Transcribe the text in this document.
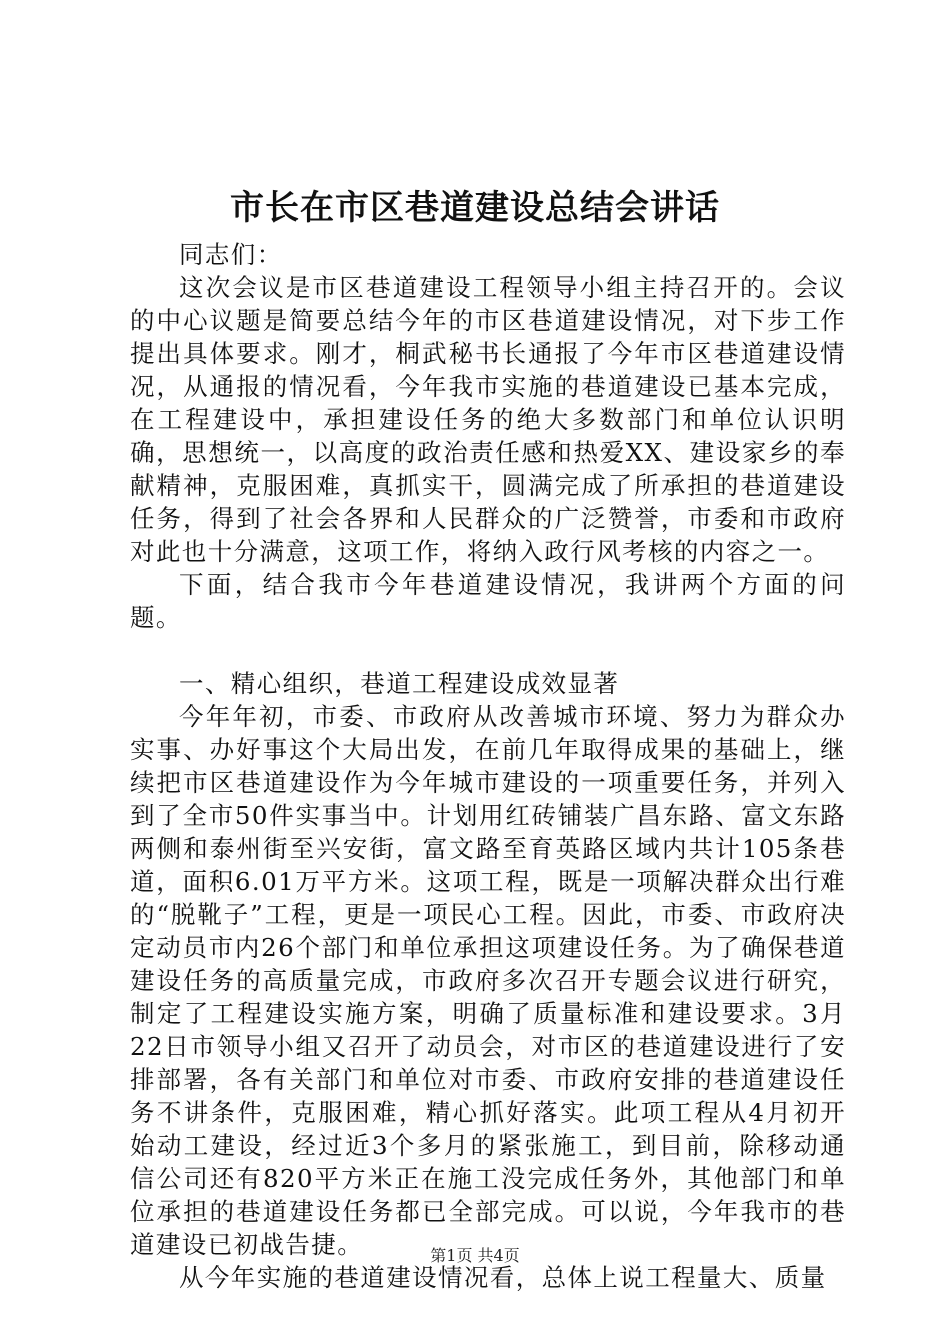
市长在市区巷道建设总结会讲话

同志们：

这次会议是市区巷道建设工程领导小组主持召开的。会议的中心议题是简要总结今年的市区巷道建设情况，对下步工作提出具体要求。刚才，桐武秘书长通报了今年市区巷道建设情况，从通报的情况看，今年我市实施的巷道建设已基本完成，在工程建设中，承担建设任务的绝大多数部门和单位认识明确，思想统一，以高度的政治责任感和热爱XX、建设家乡的奉献精神，克服困难，真抓实干，圆满完成了所承担的巷道建设任务，得到了社会各界和人民群众的广泛赞誉，市委和市政府对此也十分满意，这项工作，将纳入政行风考核的内容之一。

下面，结合我市今年巷道建设情况，我讲两个方面的问题。

一、精心组织，巷道工程建设成效显著

今年年初，市委、市政府从改善城市环境、努力为群众办实事、办好事这个大局出发，在前几年取得成果的基础上，继续把市区巷道建设作为今年城市建设的一项重要任务，并列入到了全市50件实事当中。计划用红砖铺装广昌东路、富文东路两侧和泰州街至兴安街，富文路至育英路区域内共计105条巷道，面积6.01万平方米。这项工程，既是一项解决群众出行难的“脱靴子”工程，更是一项民心工程。因此，市委、市政府决定动员市内26个部门和单位承担这项建设任务。为了确保巷道建设任务的高质量完成，市政府多次召开专题会议进行研究，制定了工程建设实施方案，明确了质量标准和建设要求。3月22日市领导小组又召开了动员会，对市区的巷道建设进行了安排部署，各有关部门和单位对市委、市政府安排的巷道建设任务不讲条件，克服困难，精心抓好落实。此项工程从4月初开始动工建设，经过近3个多月的紧张施工，到目前，除移动通信公司还有820平方米正在施工没完成任务外，其他部门和单位承担的巷道建设任务都已全部完成。可以说，今年我市的巷道建设已初战告捷。

从今年实施的巷道建设情况看，总体上说工程量大、质量

第1页 共4页
